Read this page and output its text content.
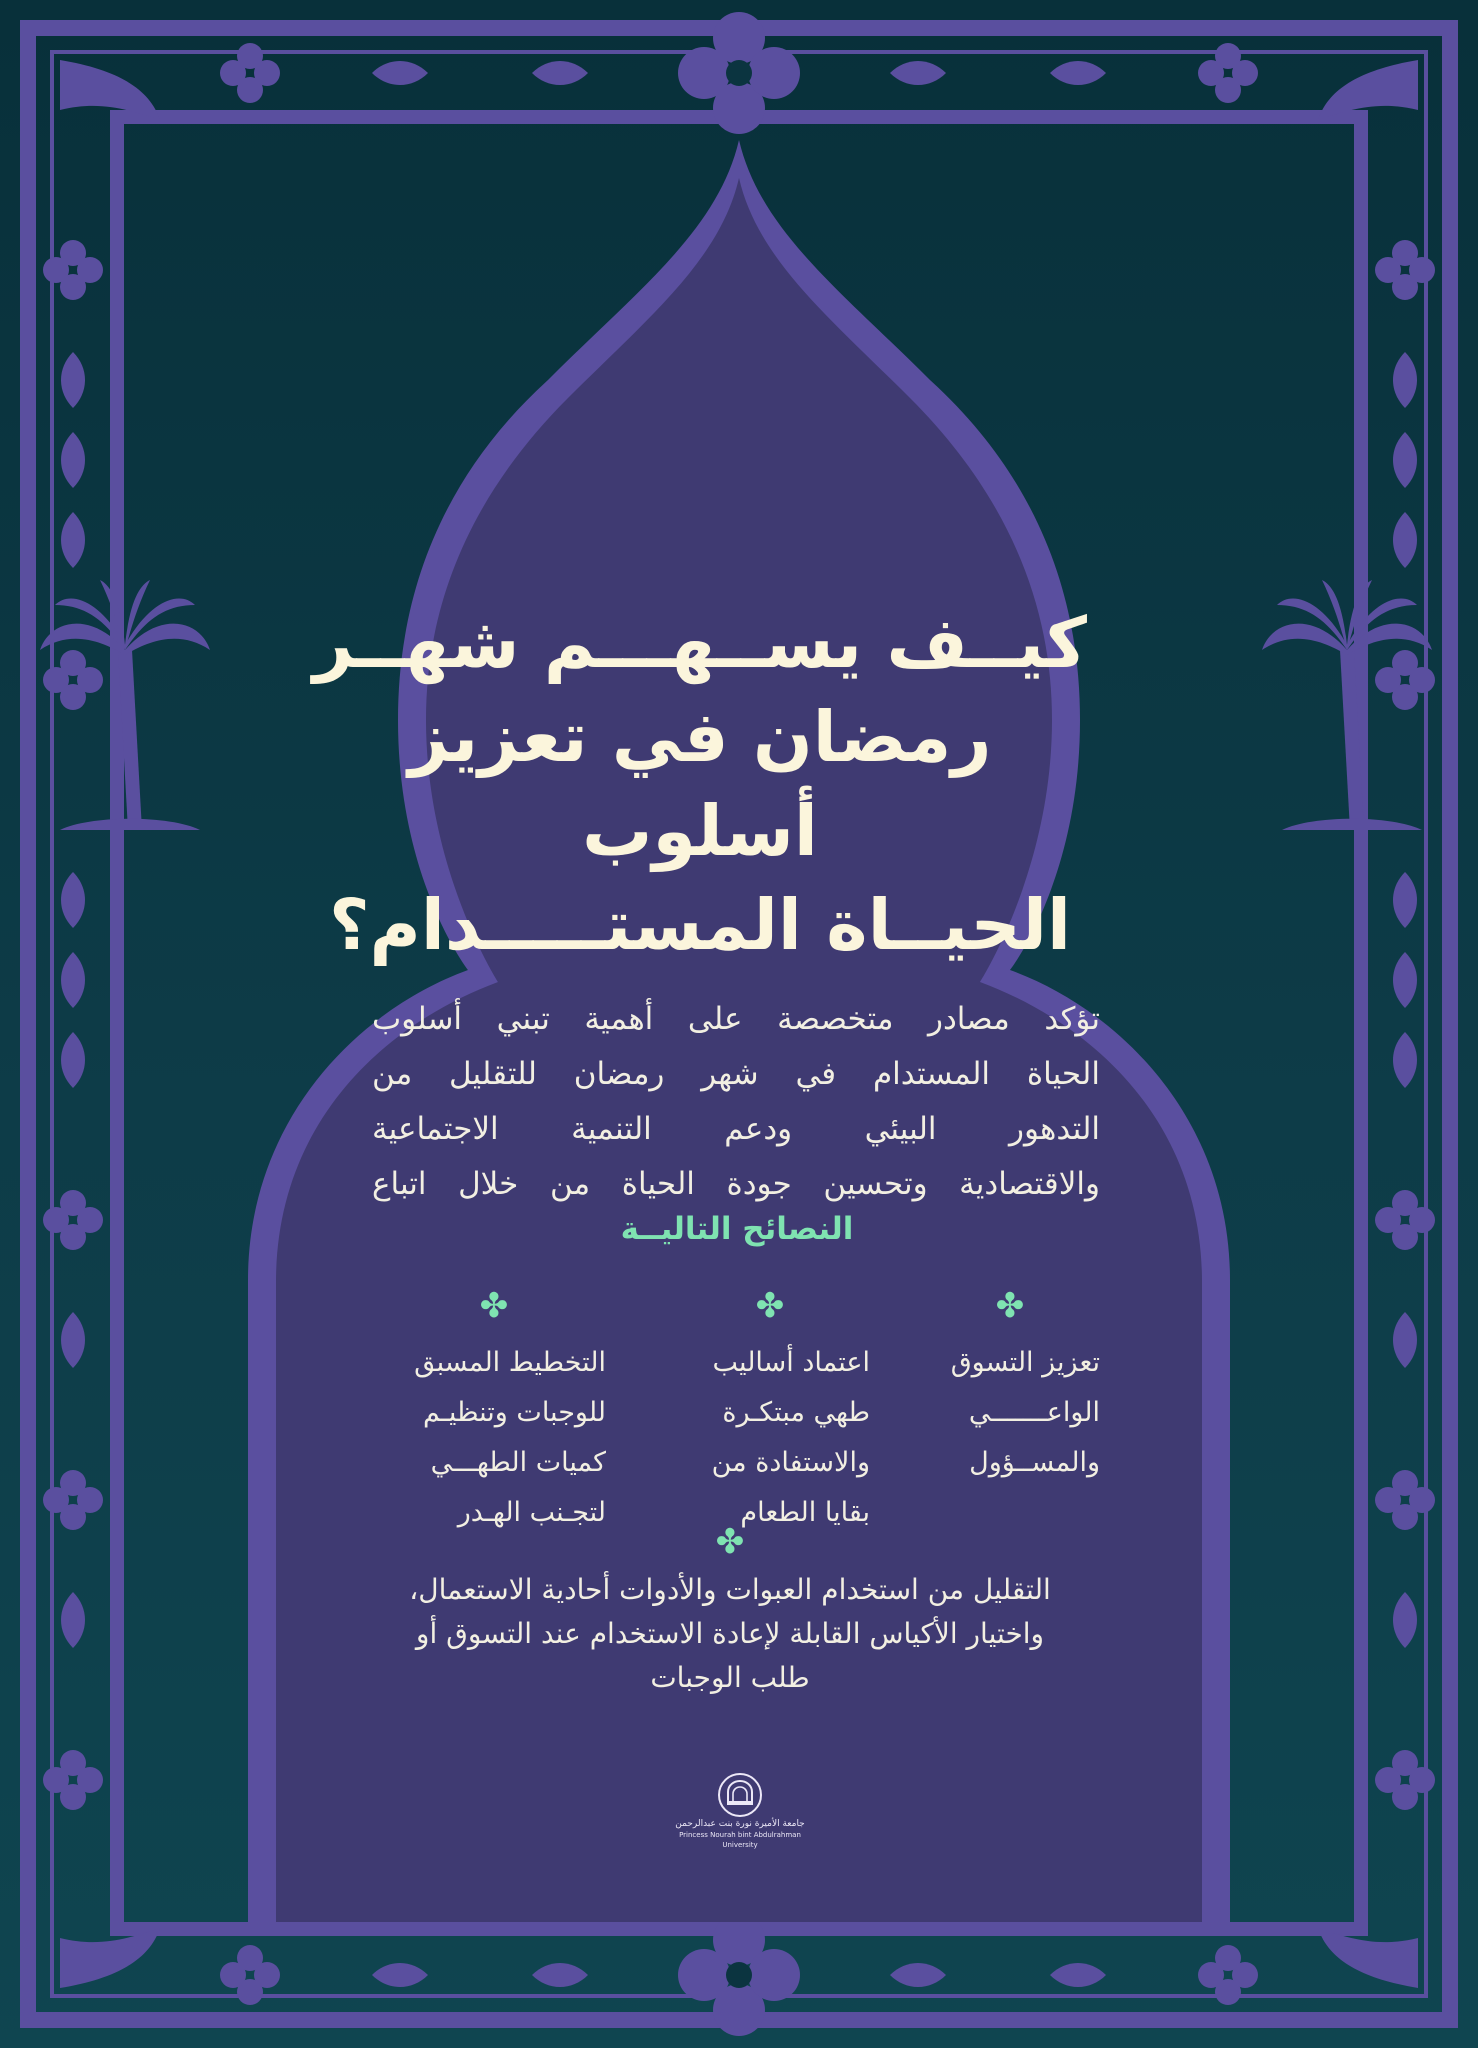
كيــف يســهـــم شهــر
رمضان في تعزيز أسلوب
الحيــاة المستـــــدام؟
تؤكد مصادر متخصصة على أهمية تبني أسلوب
الحياة المستدام في شهر رمضان للتقليل من
التدهور البيئي ودعم التنمية الاجتماعية
والاقتصادية وتحسين جودة الحياة من خلال اتباع
النصائح التاليــة
✤
تعزيز التسوق
الواعـــــــي
والمســؤول
✤
اعتماد أساليب
طهي مبتكـرة
والاستفادة من
بقايا الطعام
✤
التخطيط المسبق
للوجبات وتنظيـم
كميات الطهـــي
لتجـنب الهـدر
✤
التقليل من استخدام العبوات والأدوات أحادية الاستعمال،
واختيار الأكياس القابلة لإعادة الاستخدام عند التسوق أو
طلب الوجبات
جامعة الأميرة نورة بنت عبدالرحمن
Princess Nourah bint Abdulrahman University
